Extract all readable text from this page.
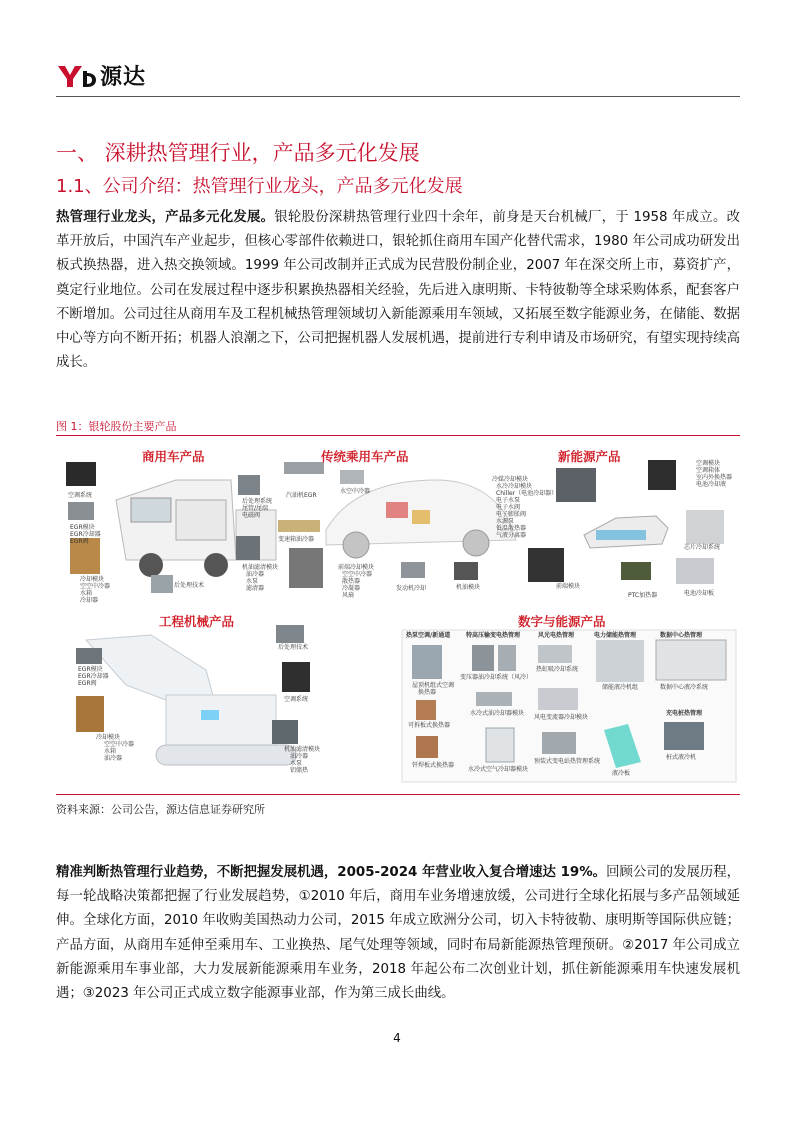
源达
一、 深耕热管理行业，产品多元化发展
1.1、公司介绍：热管理行业龙头，产品多元化发展
热管理行业龙头，产品多元化发展。银轮股份深耕热管理行业四十余年，前身是天台机械厂，于 1958 年成立。改革开放后，中国汽车产业起步，但核心零部件依赖进口，银轮抓住商用车国产化替代需求，1980 年公司成功研发出板式换热器，进入热交换领域。1999 年公司改制并正式成为民营股份制企业，2007 年在深交所上市，募资扩产，奠定行业地位。公司在发展过程中逐步积累换热器相关经验，先后进入康明斯、卡特彼勒等全球采购体系，配套客户不断增加。公司过往从商用车及工程机械热管理领域切入新能源乘用车领域，又拓展至数字能源业务，在储能、数据中心等方向不断开拓；机器人浪潮之下，公司把握机器人发展机遇，提前进行专利申请及市场研究，有望实现持续高成长。
图 1：银轮股份主要产品
商用车产品	传统乘用车产品	新能源产品
工程机械产品	数字与能源产品
空调系统
EGR模块
EGR冷却器
EGR阀
冷却模块
空空中冷器
水箱
冷却器
后处理技术
后处理系统
尾管/尾端
电磁阀
机油滤清模块
油冷器
水泵
滤清器
汽油机EGR
变速箱油冷器
水空中冷器
前端冷却模块
空空中冷器
散热器
冷凝器
风扇
发动机冷却	机油模块
冷媒冷却模块
水冷冷却模块
Chiller（电池冷却器）
电子水泵
电子水阀
电子膨胀阀
水源泵
低温散热器
气液分离器
前端模块
PTC加热器
空调模块
空调箱体
室内外换热器
电池冷却液
芯片冷却系统
电池冷却板
后处理技术
EGR模块
EGR冷却器
EGR阀
空调系统
冷却模块
空空中冷器
水箱
油冷器
机油滤清模块
油冷器
水泵
铝储热
热泵空调/新通道	特高压输变电热管理	风光电热管理	电力储能热管理	数据中心热管理
屋顶机组式空调
换热器
变压器油冷却系统（风冷）
热虹吸冷却系统
储能液冷机组	数据中心液冷系统
可拆板式换热器
水冷式油冷却器模块
风电变流器冷却模块
充电桩热管理
钎焊板式换热器
水冷式空气冷却器模块
预装式变电站热管理系统
液冷板
桩式液冷机
资料来源：公司公告，源达信息证券研究所
精准判断热管理行业趋势，不断把握发展机遇，2005-2024 年营业收入复合增速达 19%。回顾公司的发展历程，每一轮战略决策都把握了行业发展趋势，①2010 年后，商用车业务增速放缓，公司进行全球化拓展与多产品领域延伸。全球化方面，2010 年收购美国热动力公司，2015 年成立欧洲分公司，切入卡特彼勒、康明斯等国际供应链；产品方面，从商用车延伸至乘用车、工业换热、尾气处理等领域，同时布局新能源热管理预研。②2017 年公司成立新能源乘用车事业部，大力发展新能源乘用车业务，2018 年起公布二次创业计划，抓住新能源乘用车快速发展机遇；③2023 年公司正式成立数字能源事业部，作为第三成长曲线。
4
